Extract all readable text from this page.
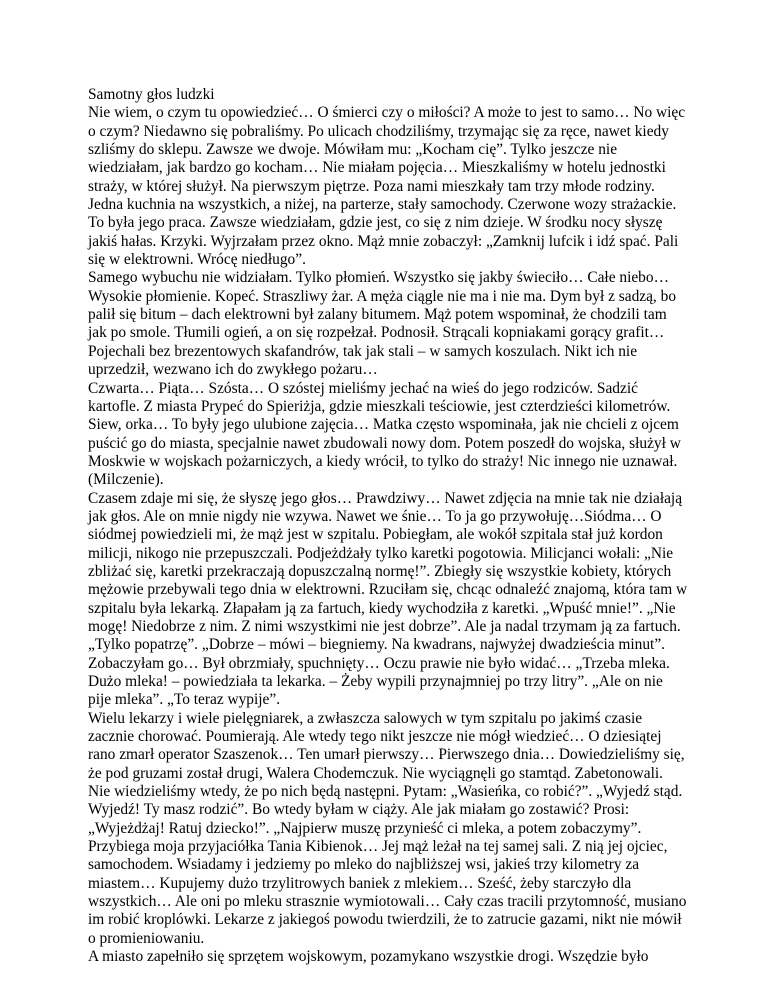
Samotny głos ludzki

Nie wiem, o czym tu opowiedzieć… O śmierci czy o miłości? A może to jest to samo… No więc o czym? Niedawno się pobraliśmy. Po ulicach chodziliśmy, trzymając się za ręce, nawet kiedy szliśmy do sklepu. Zawsze we dwoje. Mówiłam mu: „Kocham cię”. Tylko jeszcze nie wiedziałam, jak bardzo go kocham… Nie miałam pojęcia… Mieszkaliśmy w hotelu jednostki straży, w której służył. Na pierwszym piętrze. Poza nami mieszkały tam trzy młode rodziny. Jedna kuchnia na wszystkich, a niżej, na parterze, stały samochody. Czerwone wozy strażackie. To była jego praca. Zawsze wiedziałam, gdzie jest, co się z nim dzieje. W środku nocy słyszę jakiś hałas. Krzyki. Wyjrzałam przez okno. Mąż mnie zobaczył: „Zamknij lufcik i idź spać. Pali się w elektrowni. Wrócę niedługo”.

Samego wybuchu nie widziałam. Tylko płomień. Wszystko się jakby świeciło… Całe niebo… Wysokie płomienie. Kopeć. Straszliwy żar. A męża ciągle nie ma i nie ma. Dym był z sadzą, bo palił się bitum – dach elektrowni był zalany bitumem. Mąż potem wspominał, że chodzili tam jak po smole. Tłumili ogień, a on się rozpełzał. Podnosił. Strącali kopniakami gorący grafit… Pojechali bez brezentowych skafandrów, tak jak stali – w samych koszulach. Nikt ich nie uprzedził, wezwano ich do zwykłego pożaru…

Czwarta… Piąta… Szósta… O szóstej mieliśmy jechać na wieś do jego rodziców. Sadzić kartofle. Z miasta Prypeć do Spieriżja, gdzie mieszkali teściowie, jest czterdzieści kilometrów. Siew, orka… To były jego ulubione zajęcia… Matka często wspominała, jak nie chcieli z ojcem puścić go do miasta, specjalnie nawet zbudowali nowy dom. Potem poszedł do wojska, służył w Moskwie w wojskach pożarniczych, a kiedy wrócił, to tylko do straży! Nic innego nie uznawał. (Milczenie).

Czasem zdaje mi się, że słyszę jego głos… Prawdziwy… Nawet zdjęcia na mnie tak nie działają jak głos. Ale on mnie nigdy nie wzywa. Nawet we śnie… To ja go przywołuję…Siódma… O siódmej powiedzieli mi, że mąż jest w szpitalu. Pobiegłam, ale wokół szpitala stał już kordon milicji, nikogo nie przepuszczali. Podjeżdżały tylko karetki pogotowia. Milicjanci wołali: „Nie zbliżać się, karetki przekraczają dopuszczalną normę!”. Zbiegły się wszystkie kobiety, których mężowie przebywali tego dnia w elektrowni. Rzuciłam się, chcąc odnaleźć znajomą, która tam w szpitalu była lekarką. Złapałam ją za fartuch, kiedy wychodziła z karetki. „Wpuść mnie!”. „Nie mogę! Niedobrze z nim. Z nimi wszystkimi nie jest dobrze”. Ale ja nadal trzymam ją za fartuch. „Tylko popatrzę”. „Dobrze – mówi – biegniemy. Na kwadrans, najwyżej dwadzieścia minut”. Zobaczyłam go… Był obrzmiały, spuchnięty… Oczu prawie nie było widać… „Trzeba mleka. Dużo mleka! – powiedziała ta lekarka. – Żeby wypili przynajmniej po trzy litry”. „Ale on nie pije mleka”. „To teraz wypije”.

Wielu lekarzy i wiele pielęgniarek, a zwłaszcza salowych w tym szpitalu po jakimś czasie zacznie chorować. Poumierają. Ale wtedy tego nikt jeszcze nie mógł wiedzieć… O dziesiątej rano zmarł operator Szaszenok… Ten umarł pierwszy… Pierwszego dnia… Dowiedzieliśmy się, że pod gruzami został drugi, Walera Chodemczuk. Nie wyciągnęli go stamtąd. Zabetonowali. Nie wiedzieliśmy wtedy, że po nich będą następni. Pytam: „Wasieńka, co robić?”. „Wyjedź stąd. Wyjedź! Ty masz rodzić”. Bo wtedy byłam w ciąży. Ale jak miałam go zostawić? Prosi: „Wyjeżdżaj! Ratuj dziecko!”. „Najpierw muszę przynieść ci mleka, a potem zobaczymy”. Przybiega moja przyjaciółka Tania Kibienok… Jej mąż leżał na tej samej sali. Z nią jej ojciec, samochodem. Wsiadamy i jedziemy po mleko do najbliższej wsi, jakieś trzy kilometry za miastem… Kupujemy dużo trzylitrowych baniek z mlekiem… Sześć, żeby starczyło dla wszystkich… Ale oni po mleku strasznie wymiotowali… Cały czas tracili przytomność, musiano im robić kroplówki. Lekarze z jakiegoś powodu twierdzili, że to zatrucie gazami, nikt nie mówił o promieniowaniu.

A miasto zapełniło się sprzętem wojskowym, pozamykano wszystkie drogi. Wszędzie było
